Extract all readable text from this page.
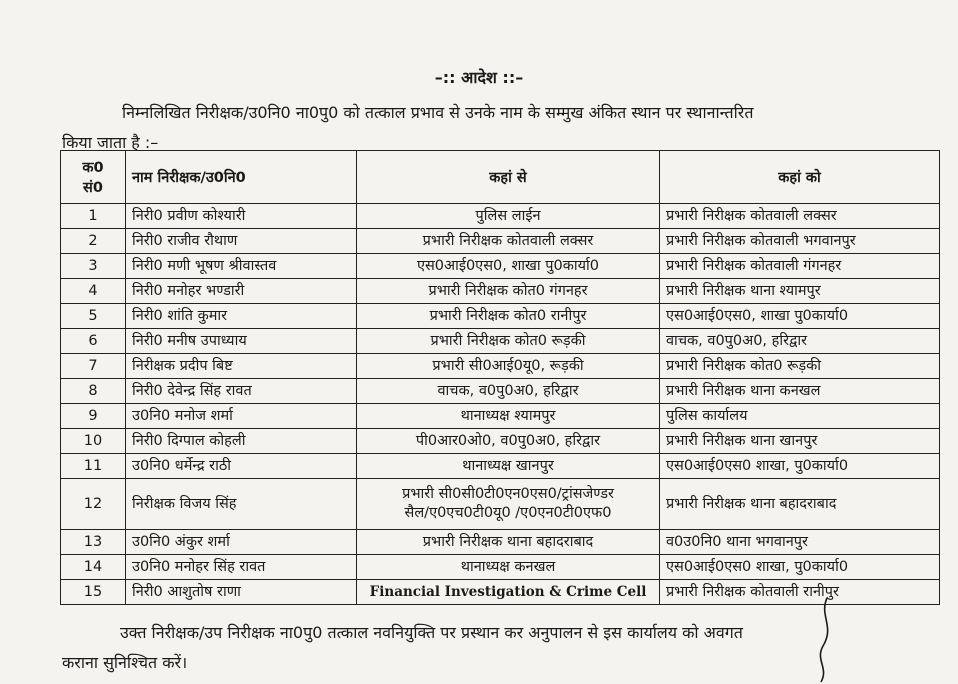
–:: आदेश ::–
निम्नलिखित निरीक्षक/उ0नि0 ना0पु0 को तत्काल प्रभाव से उनके नाम के सम्मुख अंकित स्थान पर स्थानान्तरित
किया जाता है :–
क0
सं0	नाम निरीक्षक/उ0नि0	कहां से	कहां को
1	निरी0 प्रवीण कोश्यारी	पुलिस लाईन	प्रभारी निरीक्षक कोतवाली लक्सर
2	निरी0 राजीव रौथाण	प्रभारी निरीक्षक कोतवाली लक्सर	प्रभारी निरीक्षक कोतवाली भगवानपुर
3	निरी0 मणी भूषण श्रीवास्तव	एस0आई0एस0, शाखा पु0कार्या0	प्रभारी निरीक्षक कोतवाली गंगनहर
4	निरी0 मनोहर भण्डारी	प्रभारी निरीक्षक कोत0 गंगनहर	प्रभारी निरीक्षक थाना श्यामपुर
5	निरी0 शांति कुमार	प्रभारी निरीक्षक कोत0 रानीपुर	एस0आई0एस0, शाखा पु0कार्या0
6	निरी0 मनीष उपाध्याय	प्रभारी निरीक्षक कोत0 रूड़की	वाचक, व0पु0अ0, हरिद्वार
7	निरीक्षक प्रदीप बिष्ट	प्रभारी सी0आई0यू0, रूड़की	प्रभारी निरीक्षक कोत0 रूड़की
8	निरी0 देवेन्द्र सिंह रावत	वाचक, व0पु0अ0, हरिद्वार	प्रभारी निरीक्षक थाना कनखल
9	उ0नि0 मनोज शर्मा	थानाध्यक्ष श्यामपुर	पुलिस कार्यालय
10	निरी0 दिग्पाल कोहली	पी0आर0ओ0, व0पु0अ0, हरिद्वार	प्रभारी निरीक्षक थाना खानपुर
11	उ0नि0 धर्मेन्द्र राठी	थानाध्यक्ष खानपुर	एस0आई0एस0 शाखा, पु0कार्या0
12	निरीक्षक विजय सिंह	प्रभारी सी0सी0टी0एन0एस0/ट्रांसजेण्डर
सैल/ए0एच0टी0यू0 /ए0एन0टी0एफ0	प्रभारी निरीक्षक थाना बहादराबाद
13	उ0नि0 अंकुर शर्मा	प्रभारी निरीक्षक थाना बहादराबाद	व0उ0नि0 थाना भगवानपुर
14	उ0नि0 मनोहर सिंह रावत	थानाध्यक्ष कनखल	एस0आई0एस0 शाखा, पु0कार्या0
15	निरी0 आशुतोष राणा	Financial Investigation & Crime Cell	प्रभारी निरीक्षक कोतवाली रानीपुर
उक्त निरीक्षक/उप निरीक्षक ना0पु0 तत्काल नवनियुक्ति पर प्रस्थान कर अनुपालन से इस कार्यालय को अवगत
कराना सुनिश्चित करें।
